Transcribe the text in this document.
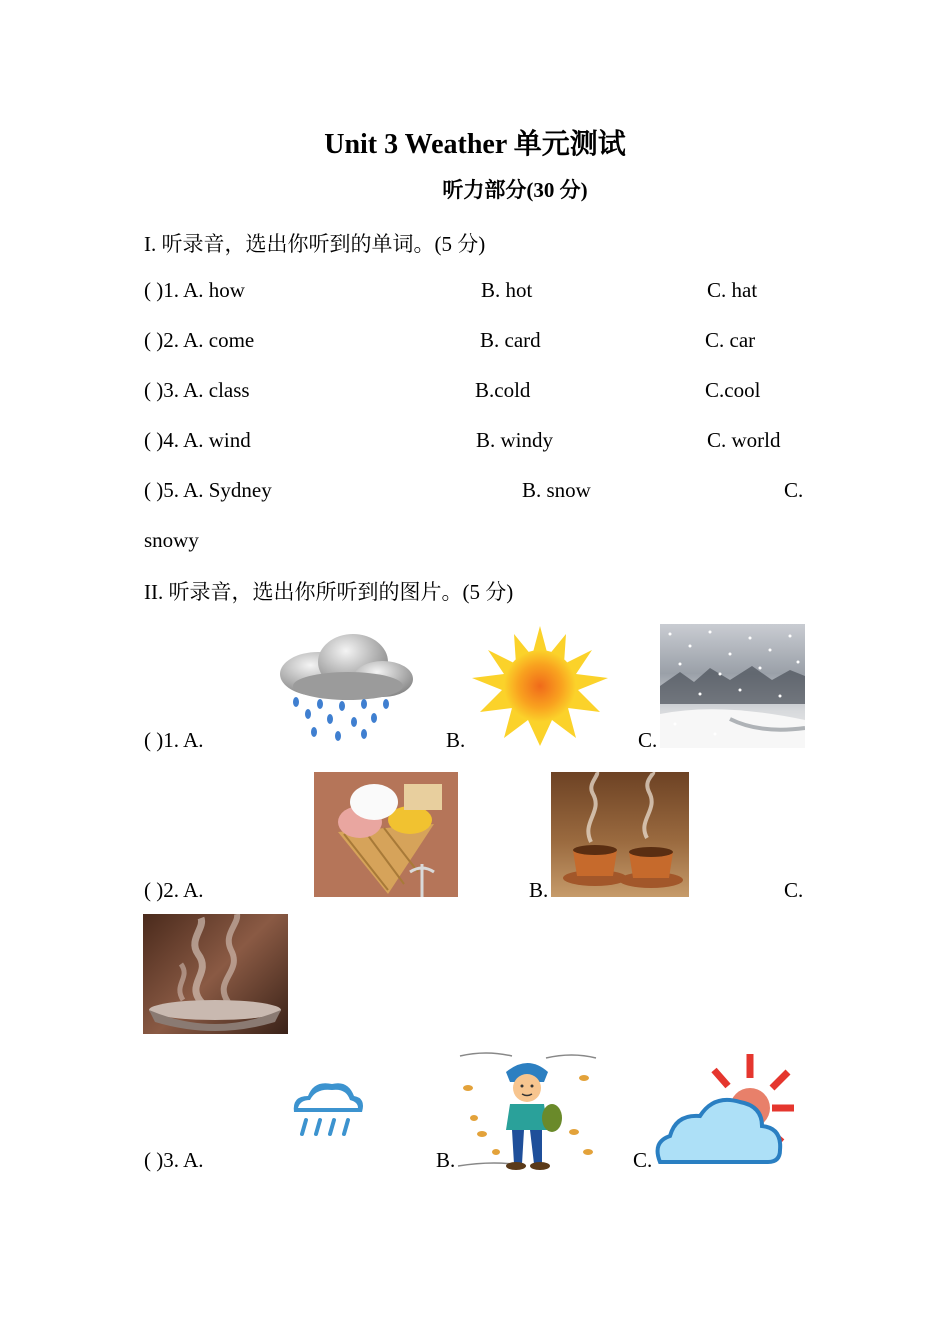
Unit 3 Weather 单元测试
听力部分(30 分)
I. 听录音，选出你听到的单词。(5 分)
( )1. A. how	B. hot	C. hat
( )2. A. come	B. card	C. car
( )3. A. class	B.cold	C.cool
( )4. A. wind	B. windy	C. world
( )5. A. Sydney	B. snow	C.
snowy
II. 听录音，选出你所听到的图片。(5 分)
( )1. A.	B.	C.
( )2. A.	B.	C.
( )3. A.	B.	C.
